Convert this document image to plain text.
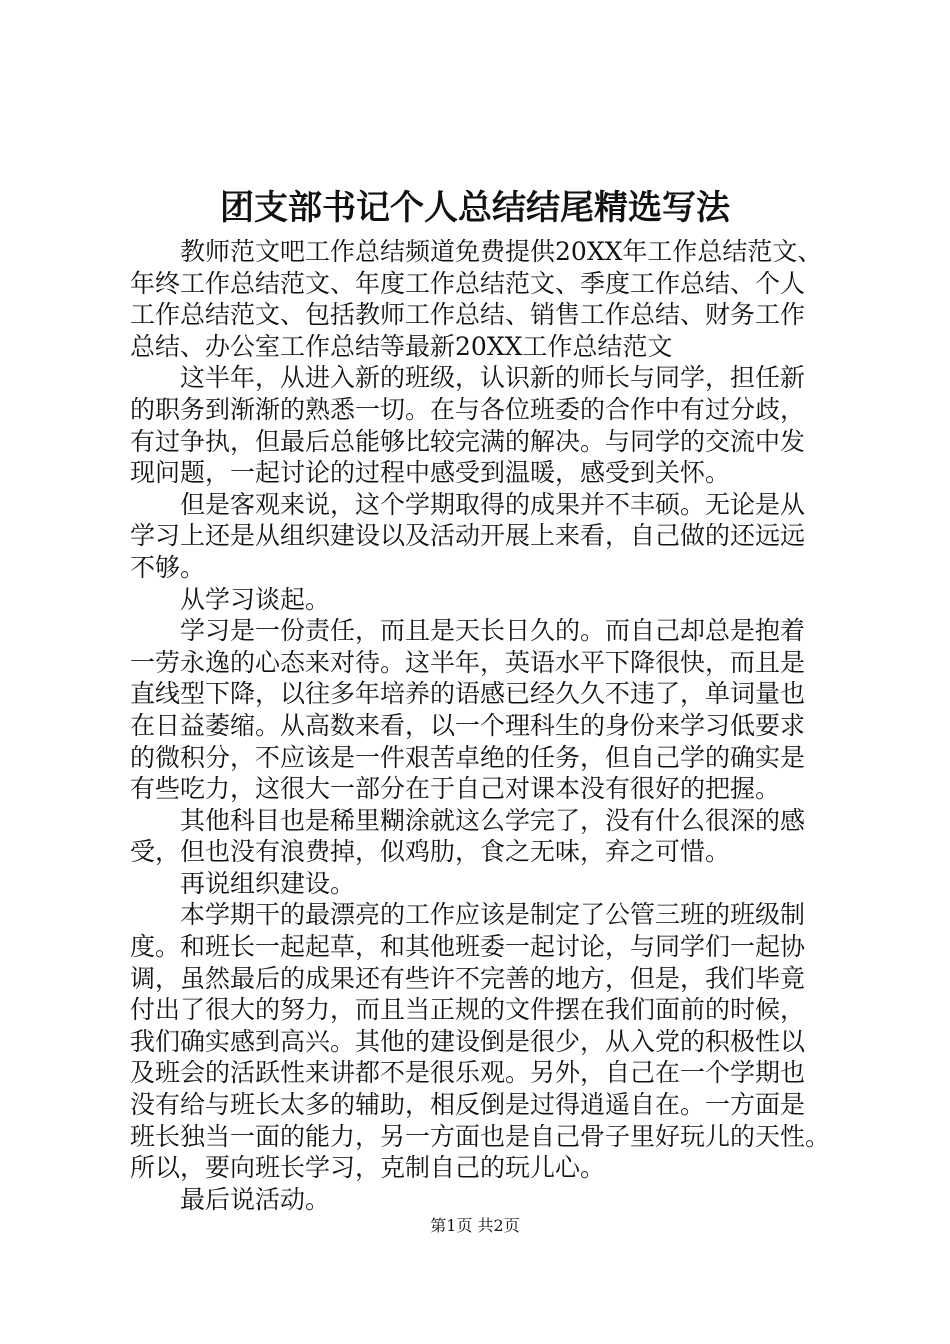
团支部书记个人总结结尾精选写法
教师范文吧工作总结频道免费提供20XX年工作总结范文、
年终工作总结范文、年度工作总结范文、季度工作总结、个人
工作总结范文、包括教师工作总结、销售工作总结、财务工作
总结、办公室工作总结等最新20XX工作总结范文
这半年，从进入新的班级，认识新的师长与同学，担任新
的职务到渐渐的熟悉一切。在与各位班委的合作中有过分歧，
有过争执，但最后总能够比较完满的解决。与同学的交流中发
现问题，一起讨论的过程中感受到温暖，感受到关怀。
但是客观来说，这个学期取得的成果并不丰硕。无论是从
学习上还是从组织建设以及活动开展上来看，自己做的还远远
不够。
从学习谈起。
学习是一份责任，而且是天长日久的。而自己却总是抱着
一劳永逸的心态来对待。这半年，英语水平下降很快，而且是
直线型下降，以往多年培养的语感已经久久不违了，单词量也
在日益萎缩。从高数来看，以一个理科生的身份来学习低要求
的微积分，不应该是一件艰苦卓绝的任务，但自己学的确实是
有些吃力，这很大一部分在于自己对课本没有很好的把握。
其他科目也是稀里糊涂就这么学完了，没有什么很深的感
受，但也没有浪费掉，似鸡肋，食之无味，弃之可惜。
再说组织建设。
本学期干的最漂亮的工作应该是制定了公管三班的班级制
度。和班长一起起草，和其他班委一起讨论，与同学们一起协
调，虽然最后的成果还有些许不完善的地方，但是，我们毕竟
付出了很大的努力，而且当正规的文件摆在我们面前的时候，
我们确实感到高兴。其他的建设倒是很少，从入党的积极性以
及班会的活跃性来讲都不是很乐观。另外，自己在一个学期也
没有给与班长太多的辅助，相反倒是过得逍遥自在。一方面是
班长独当一面的能力，另一方面也是自己骨子里好玩儿的天性。
所以，要向班长学习，克制自己的玩儿心。
最后说活动。
第1页 共2页
